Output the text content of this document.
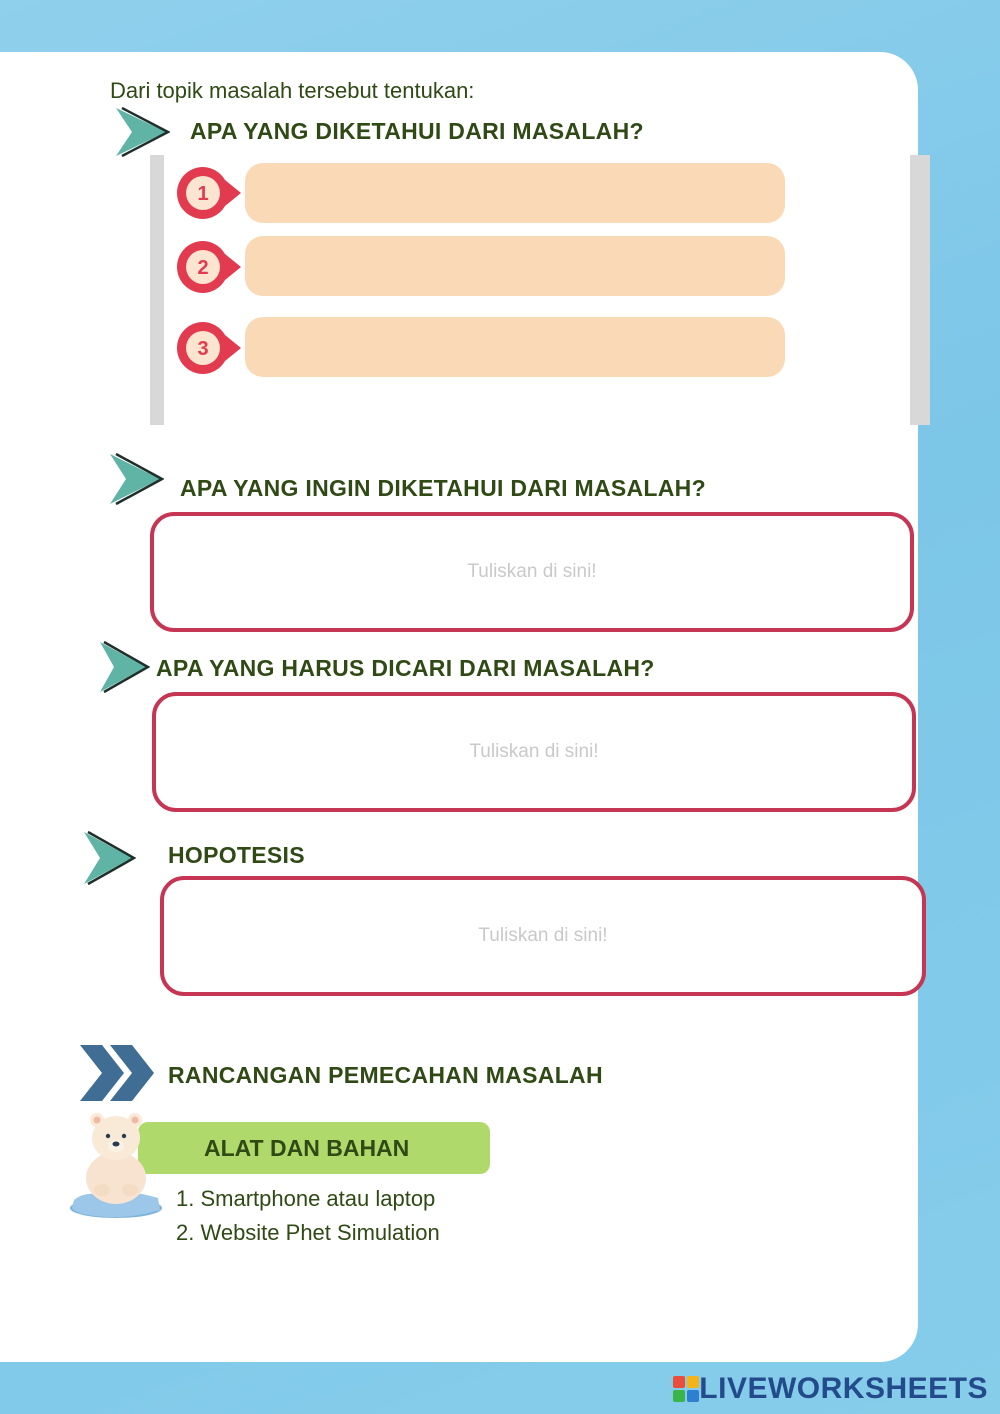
Dari topik masalah tersebut tentukan:
APA YANG DIKETAHUI DARI MASALAH?
1
2
3
APA YANG INGIN DIKETAHUI DARI MASALAH?
Tuliskan di sini!
APA YANG HARUS DICARI DARI MASALAH?
Tuliskan di sini!
HOPOTESIS
Tuliskan di sini!
RANCANGAN PEMECAHAN MASALAH
ALAT DAN BAHAN
1. Smartphone atau laptop
2. Website Phet Simulation
LIVEWORKSHEETS
